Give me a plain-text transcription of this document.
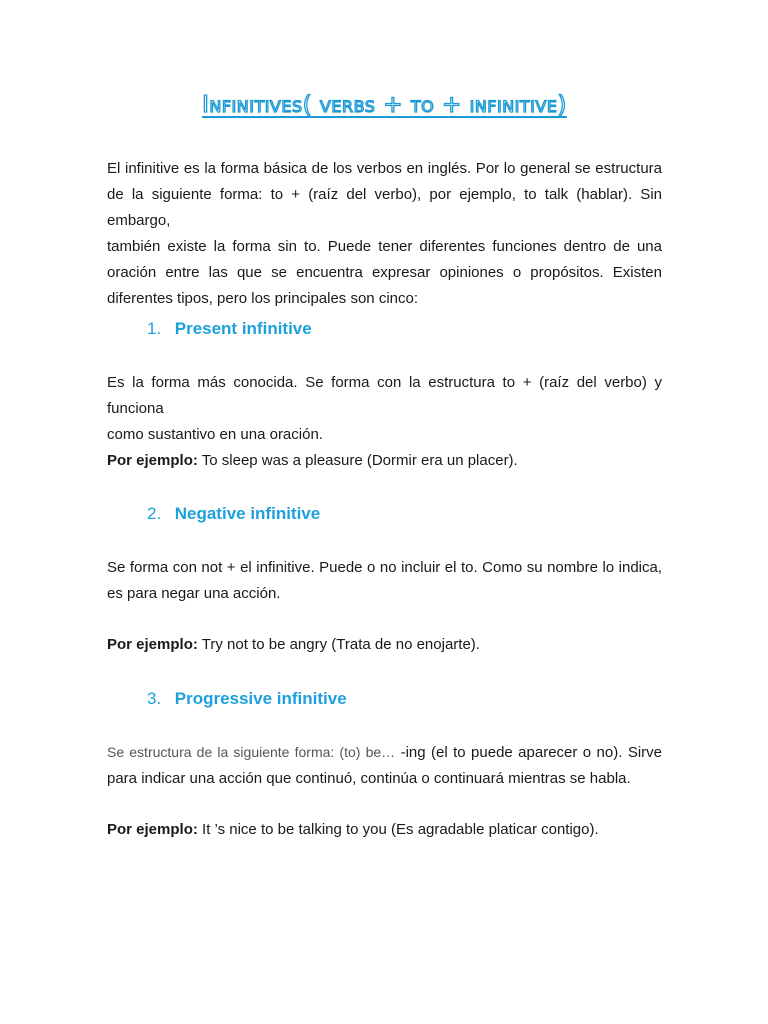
Infinitives( verbs + to + infinitive)

El infinitive es la forma básica de los verbos en inglés. Por lo general se estructura
de la siguiente forma: to + (raíz del verbo), por ejemplo, to talk (hablar). Sin embargo,
también existe la forma sin to. Puede tener diferentes funciones dentro de una
oración entre las que se encuentra expresar opiniones o propósitos. Existen
diferentes tipos, pero los principales son cinco:

1. Present infinitive

Es la forma más conocida. Se forma con la estructura to + (raíz del verbo) y funciona
como sustantivo en una oración.

Por ejemplo: To sleep was a pleasure (Dormir era un placer).

2. Negative infinitive

Se forma con not + el infinitive. Puede o no incluir el to. Como su nombre lo indica,
es para negar una acción.

Por ejemplo: Try not to be angry (Trata de no enojarte).

3. Progressive infinitive

Se estructura de la siguiente forma: (to) be… -ing (el to puede aparecer o no). Sirve
para indicar una acción que continuó, continúa o continuará mientras se habla.

Por ejemplo: It ’s nice to be talking to you (Es agradable platicar contigo).
